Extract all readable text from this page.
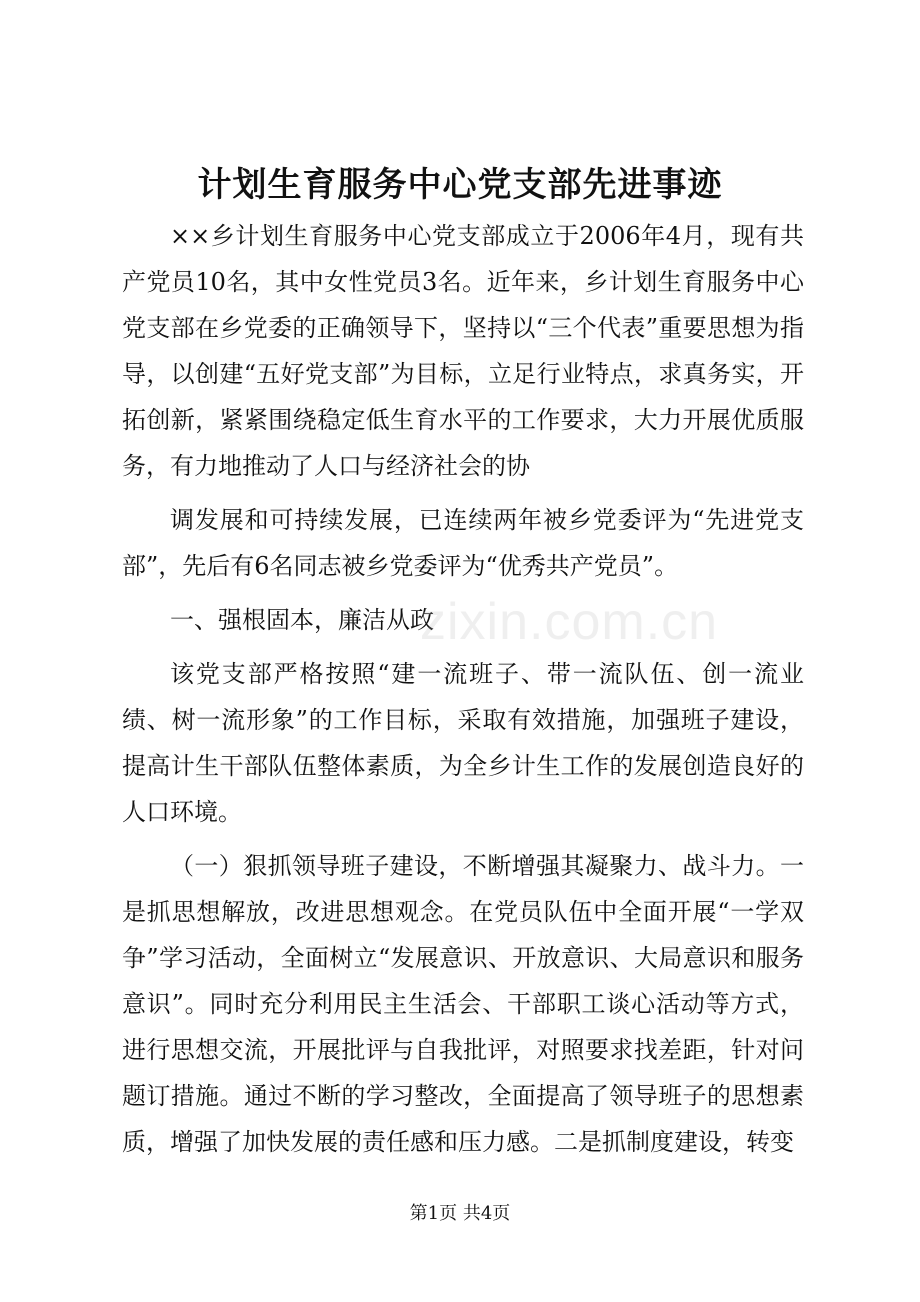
计划生育服务中心党支部先进事迹

××乡计划生育服务中心党支部成立于2006年4月，现有共产党员10名，其中女性党员3名。近年来，乡计划生育服务中心党支部在乡党委的正确领导下，坚持以“三个代表”重要思想为指导，以创建“五好党支部”为目标，立足行业特点，求真务实，开拓创新，紧紧围绕稳定低生育水平的工作要求，大力开展优质服务，有力地推动了人口与经济社会的协

调发展和可持续发展，已连续两年被乡党委评为“先进党支部”，先后有6名同志被乡党委评为“优秀共产党员”。

一、强根固本，廉洁从政

该党支部严格按照“建一流班子、带一流队伍、创一流业绩、树一流形象”的工作目标，采取有效措施，加强班子建设，提高计生干部队伍整体素质，为全乡计生工作的发展创造良好的人口环境。

（一）狠抓领导班子建设，不断增强其凝聚力、战斗力。一是抓思想解放，改进思想观念。在党员队伍中全面开展“一学双争”学习活动，全面树立“发展意识、开放意识、大局意识和服务意识”。同时充分利用民主生活会、干部职工谈心活动等方式，进行思想交流，开展批评与自我批评，对照要求找差距，针对问题订措施。通过不断的学习整改，全面提高了领导班子的思想素质，增强了加快发展的责任感和压力感。二是抓制度建设，转变

zixin.com.cn
第1页 共4页
